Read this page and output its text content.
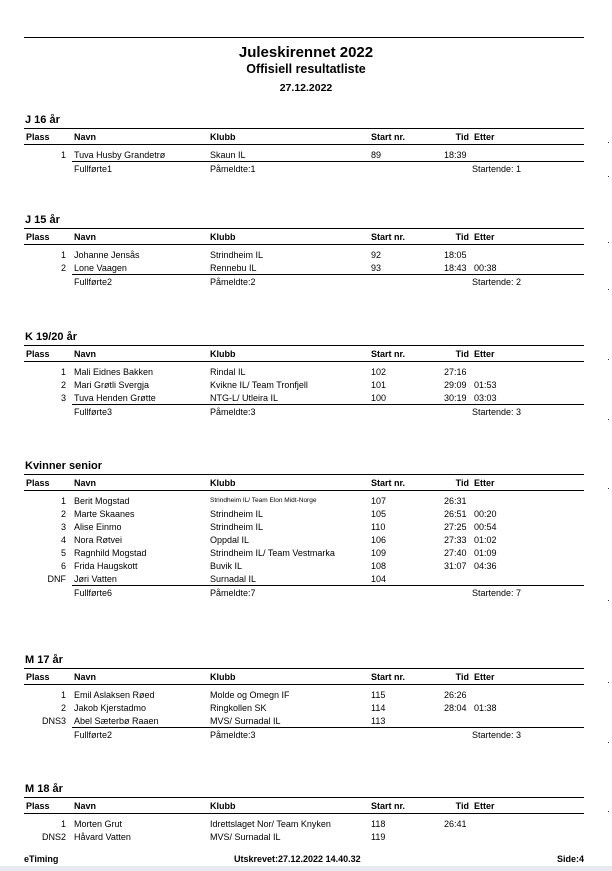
Juleskirennet 2022
Offisiell resultatliste
27.12.2022
J 16 år
Plass	Navn	Klubb	Start nr.	Tid Etter
1 Tuva Husby Grandetrø	Skaun IL	89	18:39
Fullførte1	Påmeldte:1	Startende: 1
J 15 år
Plass	Navn	Klubb	Start nr.	Tid Etter
1 Johanne Jensås	Strindheim IL	92	18:05
2 Lone Vaagen	Rennebu IL	93	18:43 00:38
Fullførte2	Påmeldte:2	Startende: 2
K 19/20 år
Plass	Navn	Klubb	Start nr.	Tid Etter
1 Mali Eidnes Bakken	Rindal IL	102	27:16
2 Mari Grøtli Svergja	Kvikne IL/ Team Tronfjell	101	29:09 01:53
3 Tuva Henden Grøtte	NTG-L/ Utleira IL	100	30:19 03:03
Fullførte3	Påmeldte:3	Startende: 3
Kvinner senior
Plass	Navn	Klubb	Start nr.	Tid Etter
1 Berit Mogstad	Strindheim IL/ Team Elon Midt-Norge	107	26:31
2 Marte Skaanes	Strindheim IL	105	26:51 00:20
3 Alise Einmo	Strindheim IL	110	27:25 00:54
4 Nora Røtvei	Oppdal IL	106	27:33 01:02
5 Ragnhild Mogstad	Strindheim IL/ Team Vestmarka	109	27:40 01:09
6 Frida Haugskott	Buvik IL	108	31:07 04:36
DNF Jøri Vatten	Surnadal IL	104
Fullførte6	Påmeldte:7	Startende: 7
M 17 år
Plass	Navn	Klubb	Start nr.	Tid Etter
1 Emil Aslaksen Røed	Molde og Omegn IF	115	26:26
2 Jakob Kjerstadmo	Ringkollen SK	114	28:04 01:38
DNS3 Abel Sæterbø Raaen	MVS/ Surnadal IL	113
Fullførte2	Påmeldte:3	Startende: 3
M 18 år
Plass	Navn	Klubb	Start nr.	Tid Etter
1 Morten Grut	Idrettslaget Nor/ Team Knyken	118	26:41
DNS2 Håvard Vatten	MVS/ Surnadal IL	119
eTiming	Utskrevet:27.12.2022 14.40.32	Side:4
